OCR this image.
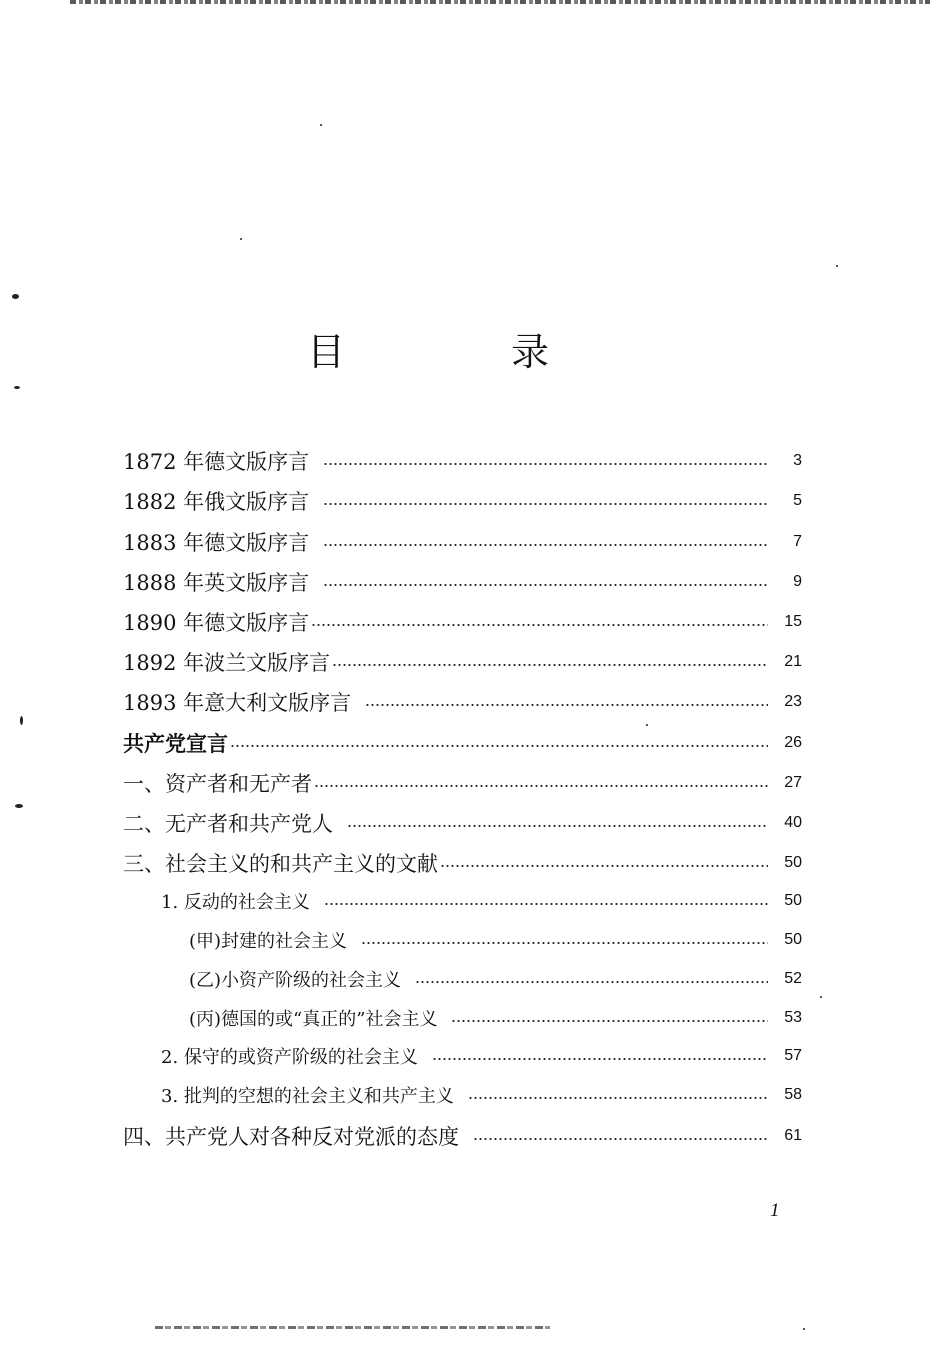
目　录
1872 年德文版序言	3
1882 年俄文版序言	5
1883 年德文版序言	7
1888 年英文版序言	9
1890 年德文版序言	15
1892 年波兰文版序言	21
1893 年意大利文版序言	23
共产党宣言	26
一、资产者和无产者	27
二、无产者和共产党人	40
三、社会主义的和共产主义的文献	50
1. 反动的社会主义	50
(甲)封建的社会主义	50
(乙)小资产阶级的社会主义	52
(丙)德国的或“真正的”社会主义	53
2. 保守的或资产阶级的社会主义	57
3. 批判的空想的社会主义和共产主义	58
四、共产党人对各种反对党派的态度	61
1
